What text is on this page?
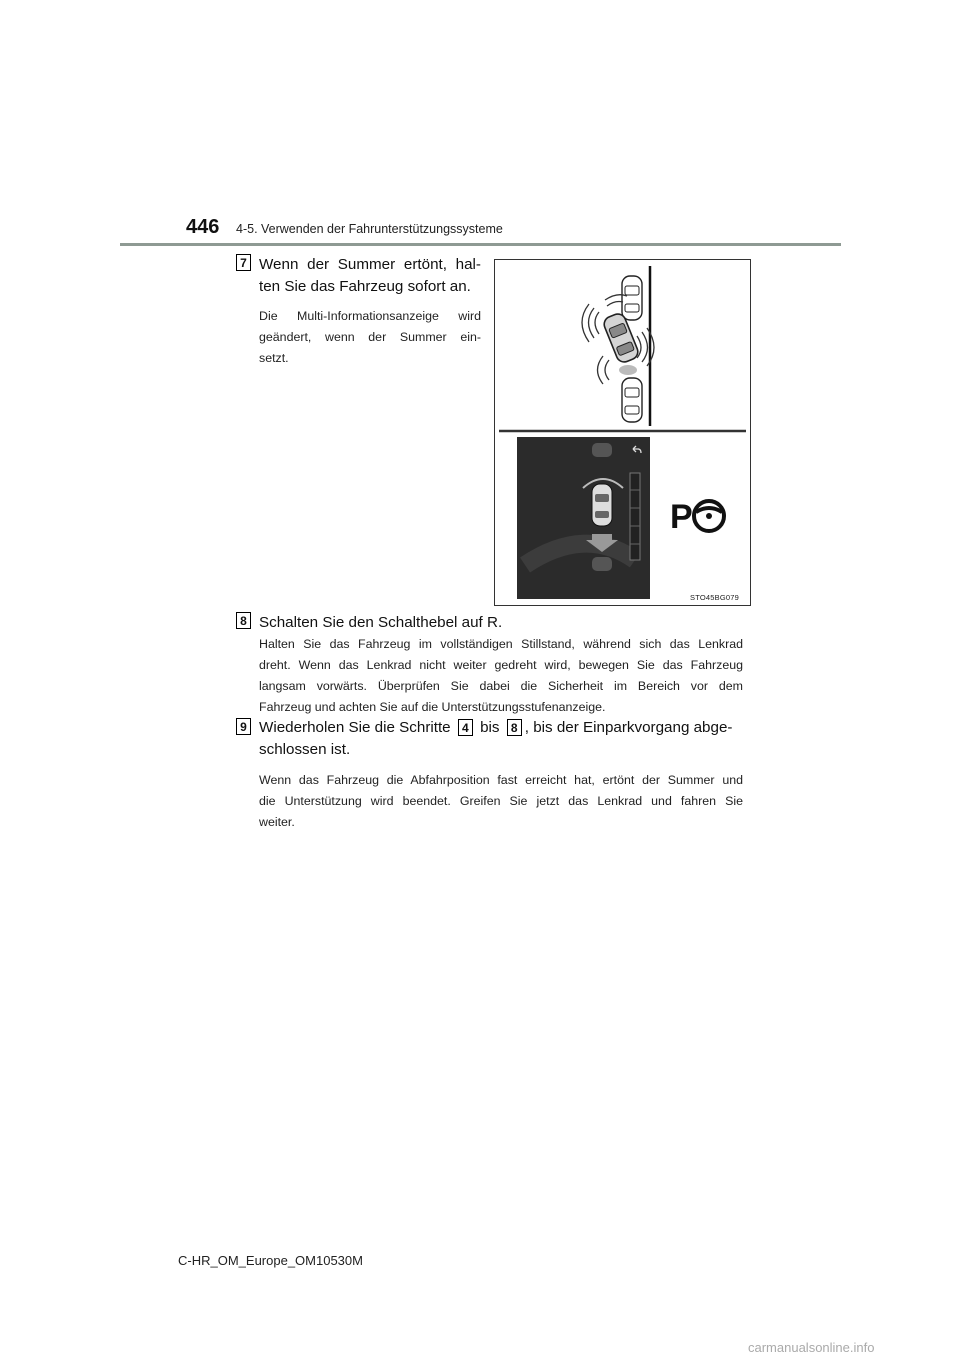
446 4-5. Verwenden der Fahrunterstützungssysteme
7 Wenn der Summer ertönt, hal-
ten Sie das Fahrzeug sofort an.
Die Multi-Informationsanzeige wird
geändert, wenn der Summer ein-
setzt.
P
STO45BG079
8 Schalten Sie den Schalthebel auf R.
Halten Sie das Fahrzeug im vollständigen Stillstand, während sich das Lenkrad
dreht. Wenn das Lenkrad nicht weiter gedreht wird, bewegen Sie das Fahrzeug
langsam vorwärts. Überprüfen Sie dabei die Sicherheit im Bereich vor dem
Fahrzeug und achten Sie auf die Unterstützungsstufenanzeige.
9 Wiederholen Sie die Schritte 4 bis 8 , bis der Einparkvorgang abge-
schlossen ist.
Wenn das Fahrzeug die Abfahrposition fast erreicht hat, ertönt der Summer und
die Unterstützung wird beendet. Greifen Sie jetzt das Lenkrad und fahren Sie
weiter.
C-HR_OM_Europe_OM10530M
carmanualsonline.info
